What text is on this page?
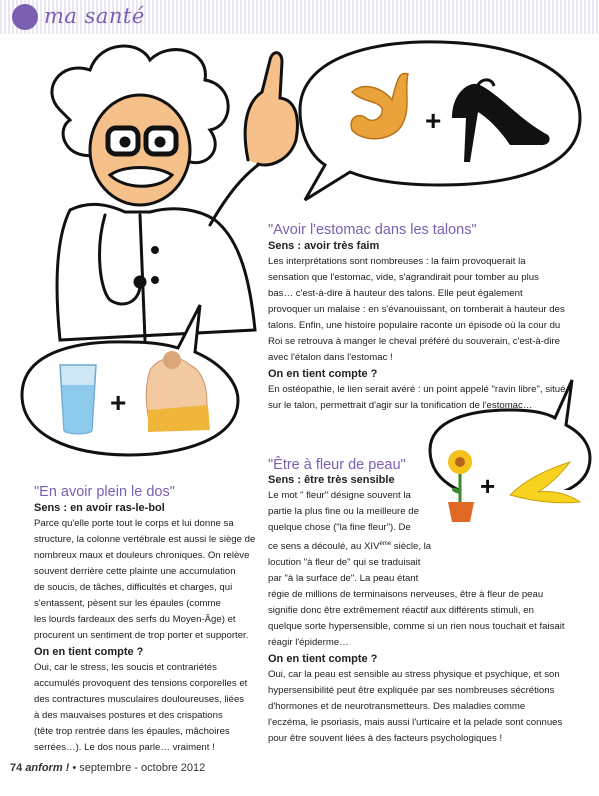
ma santé
+
+
+
"Avoir l'estomac dans les talons"
Sens : avoir très faim

Les interprétations sont nombreuses : la faim provoquerait la

sensation que l'estomac, vide, s'agrandirait pour tomber au plus

bas… c'est-à-dire à hauteur des talons. Elle peut également

provoquer un malaise : en s'évanouissant, on tomberait à hauteur des

talons. Enfin, une histoire populaire raconte un épisode où la cour du

Roi se retrouva à manger le cheval préféré du souverain, c'est-à-dire

avec l'étalon dans l'estomac !

On en tient compte ?

En ostéopathie, le lien serait avéré : un point appelé "ravin libre", situé

sur le talon, permettrait d'agir sur la tonification de l'estomac…

"En avoir plein le dos"
Sens : en avoir ras-le-bol

Parce qu'elle porte tout le corps et lui donne sa

structure, la colonne vertébrale est aussi le siège de

nombreux maux et douleurs chroniques. On relève

souvent derrière cette plainte une accumulation

de soucis, de tâches, difficultés et charges, qui

s'entassent, pèsent sur les épaules (comme

les lourds fardeaux des serfs du Moyen-Âge) et

procurent un sentiment de trop porter et supporter.

On en tient compte ?

Oui, car le stress, les soucis et contrariétés

accumulés provoquent des tensions corporelles et

des contractures musculaires douloureuses, liées

à des mauvaises postures et des crispations

(tête trop rentrée dans les épaules, mâchoires

serrées…). Le dos nous parle… vraiment !

"Être à fleur de peau"
Sens : être très sensible

Le mot " fleur" désigne souvent la

partie la plus fine ou la meilleure de

quelque chose ("la fine fleur"). De

ce sens a découlé, au XIVème siècle, la

locution "à fleur de" qui se traduisait

par "à la surface de". La peau étant

régie de millions de terminaisons nerveuses, être à fleur de peau

signifie donc être extrêmement réactif aux différents stimuli, en

quelque sorte hypersensible, comme si un rien nous touchait et faisait

réagir l'épiderme…

On en tient compte ?

Oui, car la peau est sensible au stress physique et psychique, et son

hypersensibilité peut être expliquée par ses nombreuses sécrétions

d'hormones et de neurotransmetteurs. Des maladies comme

l'eczéma, le psoriasis, mais aussi l'urticaire et la pelade sont connues

pour être souvent liées à des facteurs psychologiques !

74 anform ! • septembre - octobre 2012
